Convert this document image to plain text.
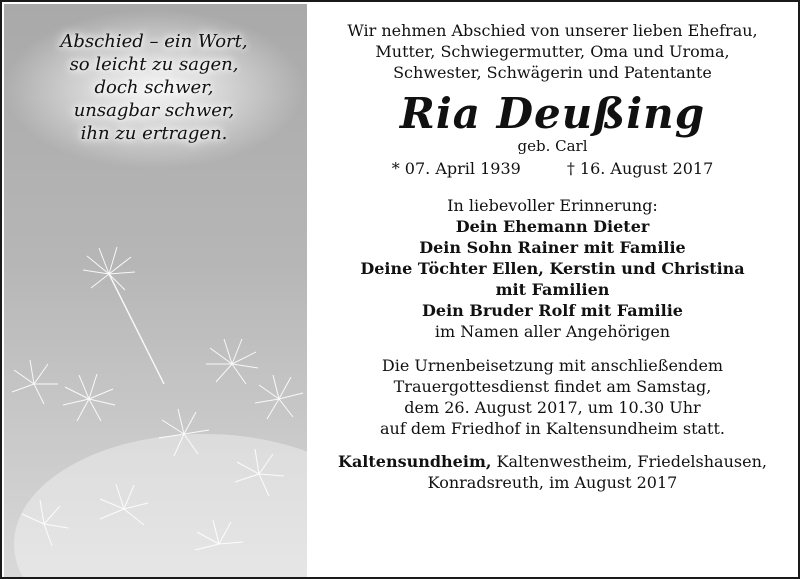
Abschied – ein Wort,
so leicht zu sagen,
doch schwer,
unsagbar schwer,
ihn zu ertragen.
Wir nehmen Abschied von unserer lieben Ehefrau,
Mutter, Schwiegermutter, Oma und Uroma,
Schwester, Schwägerin und Patentante
Ria Deußing
geb. Carl
* 07. April 1939	† 16. August 2017
In liebevoller Erinnerung:
Dein Ehemann Dieter
Dein Sohn Rainer mit Familie
Deine Töchter Ellen, Kerstin und Christina
mit Familien
Dein Bruder Rolf mit Familie
im Namen aller Angehörigen
Die Urnenbeisetzung mit anschließendem
Trauergottesdienst findet am Samstag,
dem 26. August 2017, um 10.30 Uhr
auf dem Friedhof in Kaltensundheim statt.
Kaltensundheim, Kaltenwestheim, Friedelshausen,
Konradsreuth, im August 2017
